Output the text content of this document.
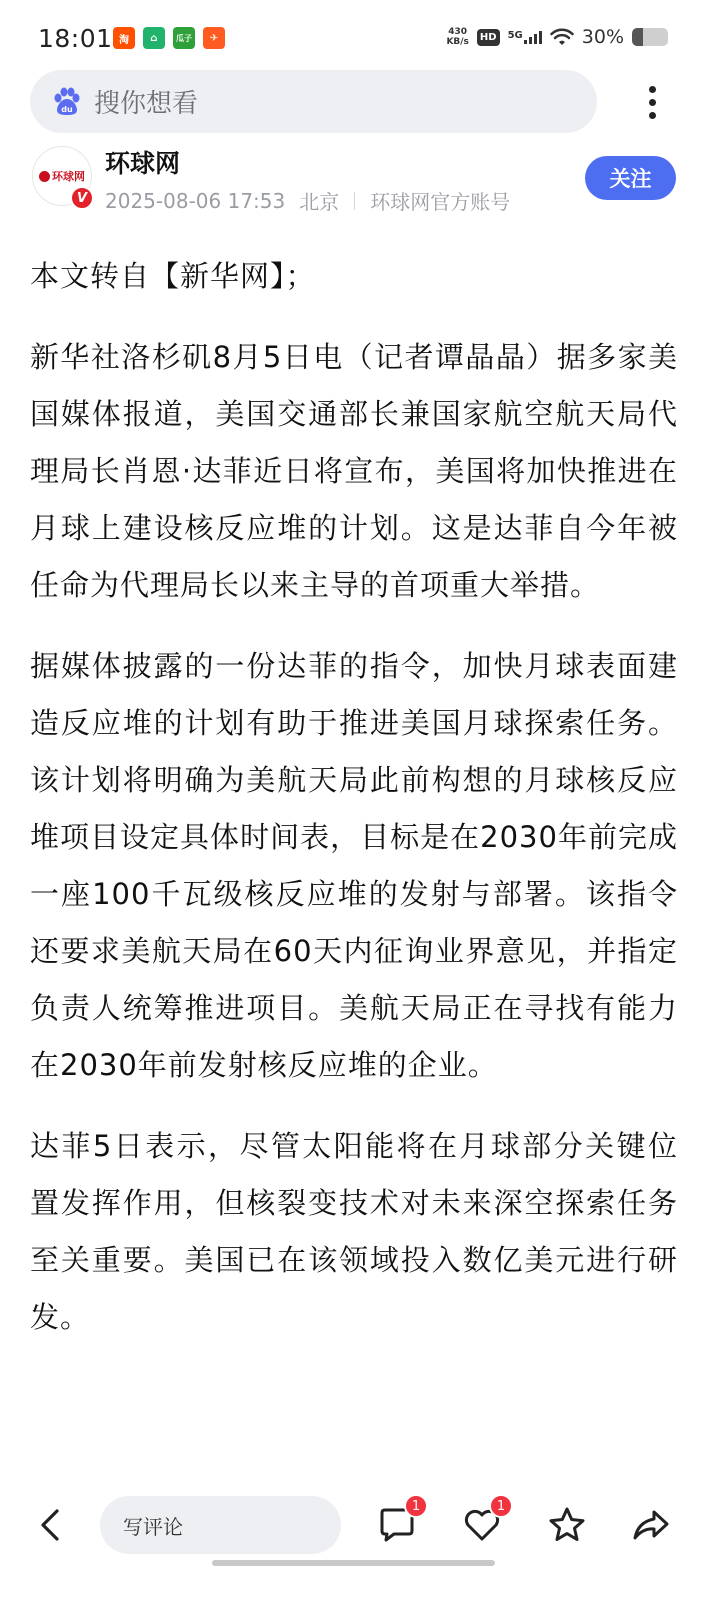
18:01 淘	⌂	瓜子	✈
430
KB/s	HD	5G	30%
du 搜你想看
环球网
V
环球网
2025-08-06 17:53 北京 环球网官方账号
关注

本文转自【新华网】；

新华社洛杉矶8月5日电（记者谭晶晶）据多家美国媒体报道，美国交通部长兼国家航空航天局代理局长肖恩·达菲近日将宣布，美国将加快推进在月球上建设核反应堆的计划。这是达菲自今年被任命为代理局长以来主导的首项重大举措。

据媒体披露的一份达菲的指令，加快月球表面建造反应堆的计划有助于推进美国月球探索任务。该计划将明确为美航天局此前构想的月球核反应堆项目设定具体时间表，目标是在2030年前完成一座100千瓦级核反应堆的发射与部署。该指令还要求美航天局在60天内征询业界意见，并指定负责人统筹推进项目。美航天局正在寻找有能力在2030年前发射核反应堆的企业。

达菲5日表示，尽管太阳能将在月球部分关键位置发挥作用，但核裂变技术对未来深空探索任务至关重要。美国已在该领域投入数亿美元进行研发。

写评论
1	1
